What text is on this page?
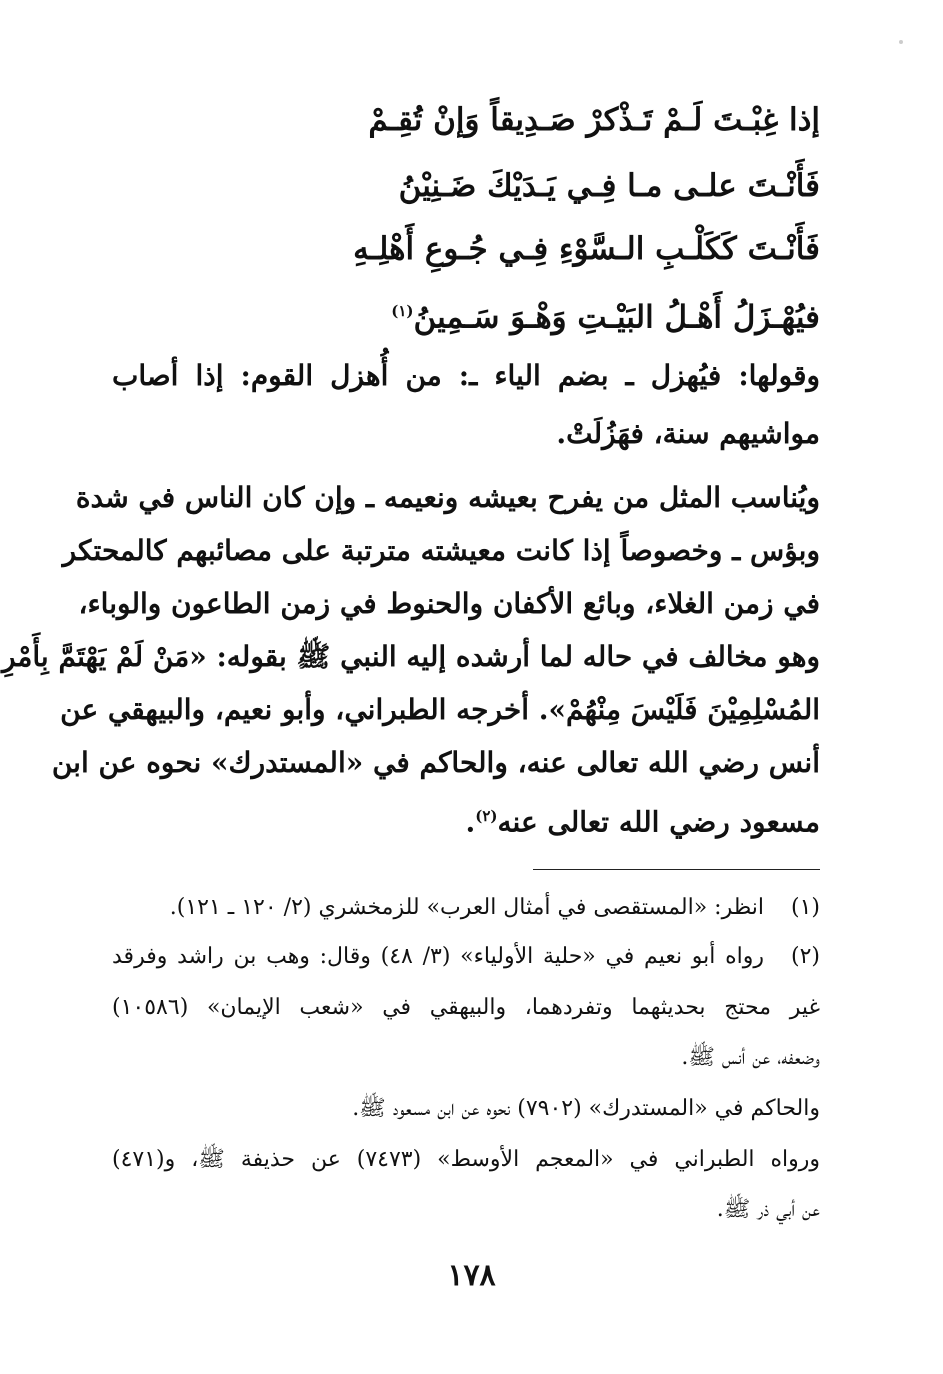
إذا غِبْـتَ لَـمْ تَـذْكرْ صَـدِيقاً وَإنْ تُقِـمْ
فَأَنْـتَ علـى مـا فِـي يَـدَيْكَ ضَـنِيْنُ
فَأَنْـتَ كَكَلْـبِ الـسَّوْءِ فِـي جُـوعِ أَهْلِـهِ
فيُهْـزَلُ أَهْـلُ البَيْـتِ وَهْـوَ سَـمِينُ$^{(١)}$
وقولها: فيُهزل ـ بضم الياء ـ: من أُهزل القوم: إذا أصاب
مواشيهم سنة، فهَزُلَتْ.
ويُناسب المثل من يفرح بعيشه ونعيمه ـ وإن كان الناس في شدة
وبؤس ـ وخصوصاً إذا كانت معيشته مترتبة على مصائبهم كالمحتكر
في زمن الغلاء، وبائع الأكفان والحنوط في زمن الطاعون والوباء،
وهو مخالف في حاله لما أرشده إليه النبي ﷺ بقوله: «مَنْ لَمْ يَهْتَمَّ بِأَمْرِ
المُسْلِمِيْنَ فَلَيْسَ مِنْهُمْ». أخرجه الطبراني، وأبو نعيم، والبيهقي عن
أنس رضي الله تعالى عنه، والحاكم في «المستدرك» نحوه عن ابن
مسعود رضي الله تعالى عنه$^{(٢)}$.
(١)انظر: «المستقصى في أمثال العرب» للزمخشري (٢/ ١٢٠ ـ ١٢١).
(٢)رواه أبو نعيم في «حلية الأولياء» (٣/ ٤٨) وقال: وهب بن راشد وفرقد
غير محتج بحديثهما وتفردهما، والبيهقي في «شعب الإيمان» (١٠٥٨٦)
وضعفه، عن أنس ﷺ.
والحاكم في «المستدرك» (٧٩٠٢) نحوه عن ابن مسعود ﷺ.
ورواه الطبراني في «المعجم الأوسط» (٧٤٧٣) عن حذيفة ﷺ، و(٤٧١)
عن أبي ذر ﷺ.
١٧٨
